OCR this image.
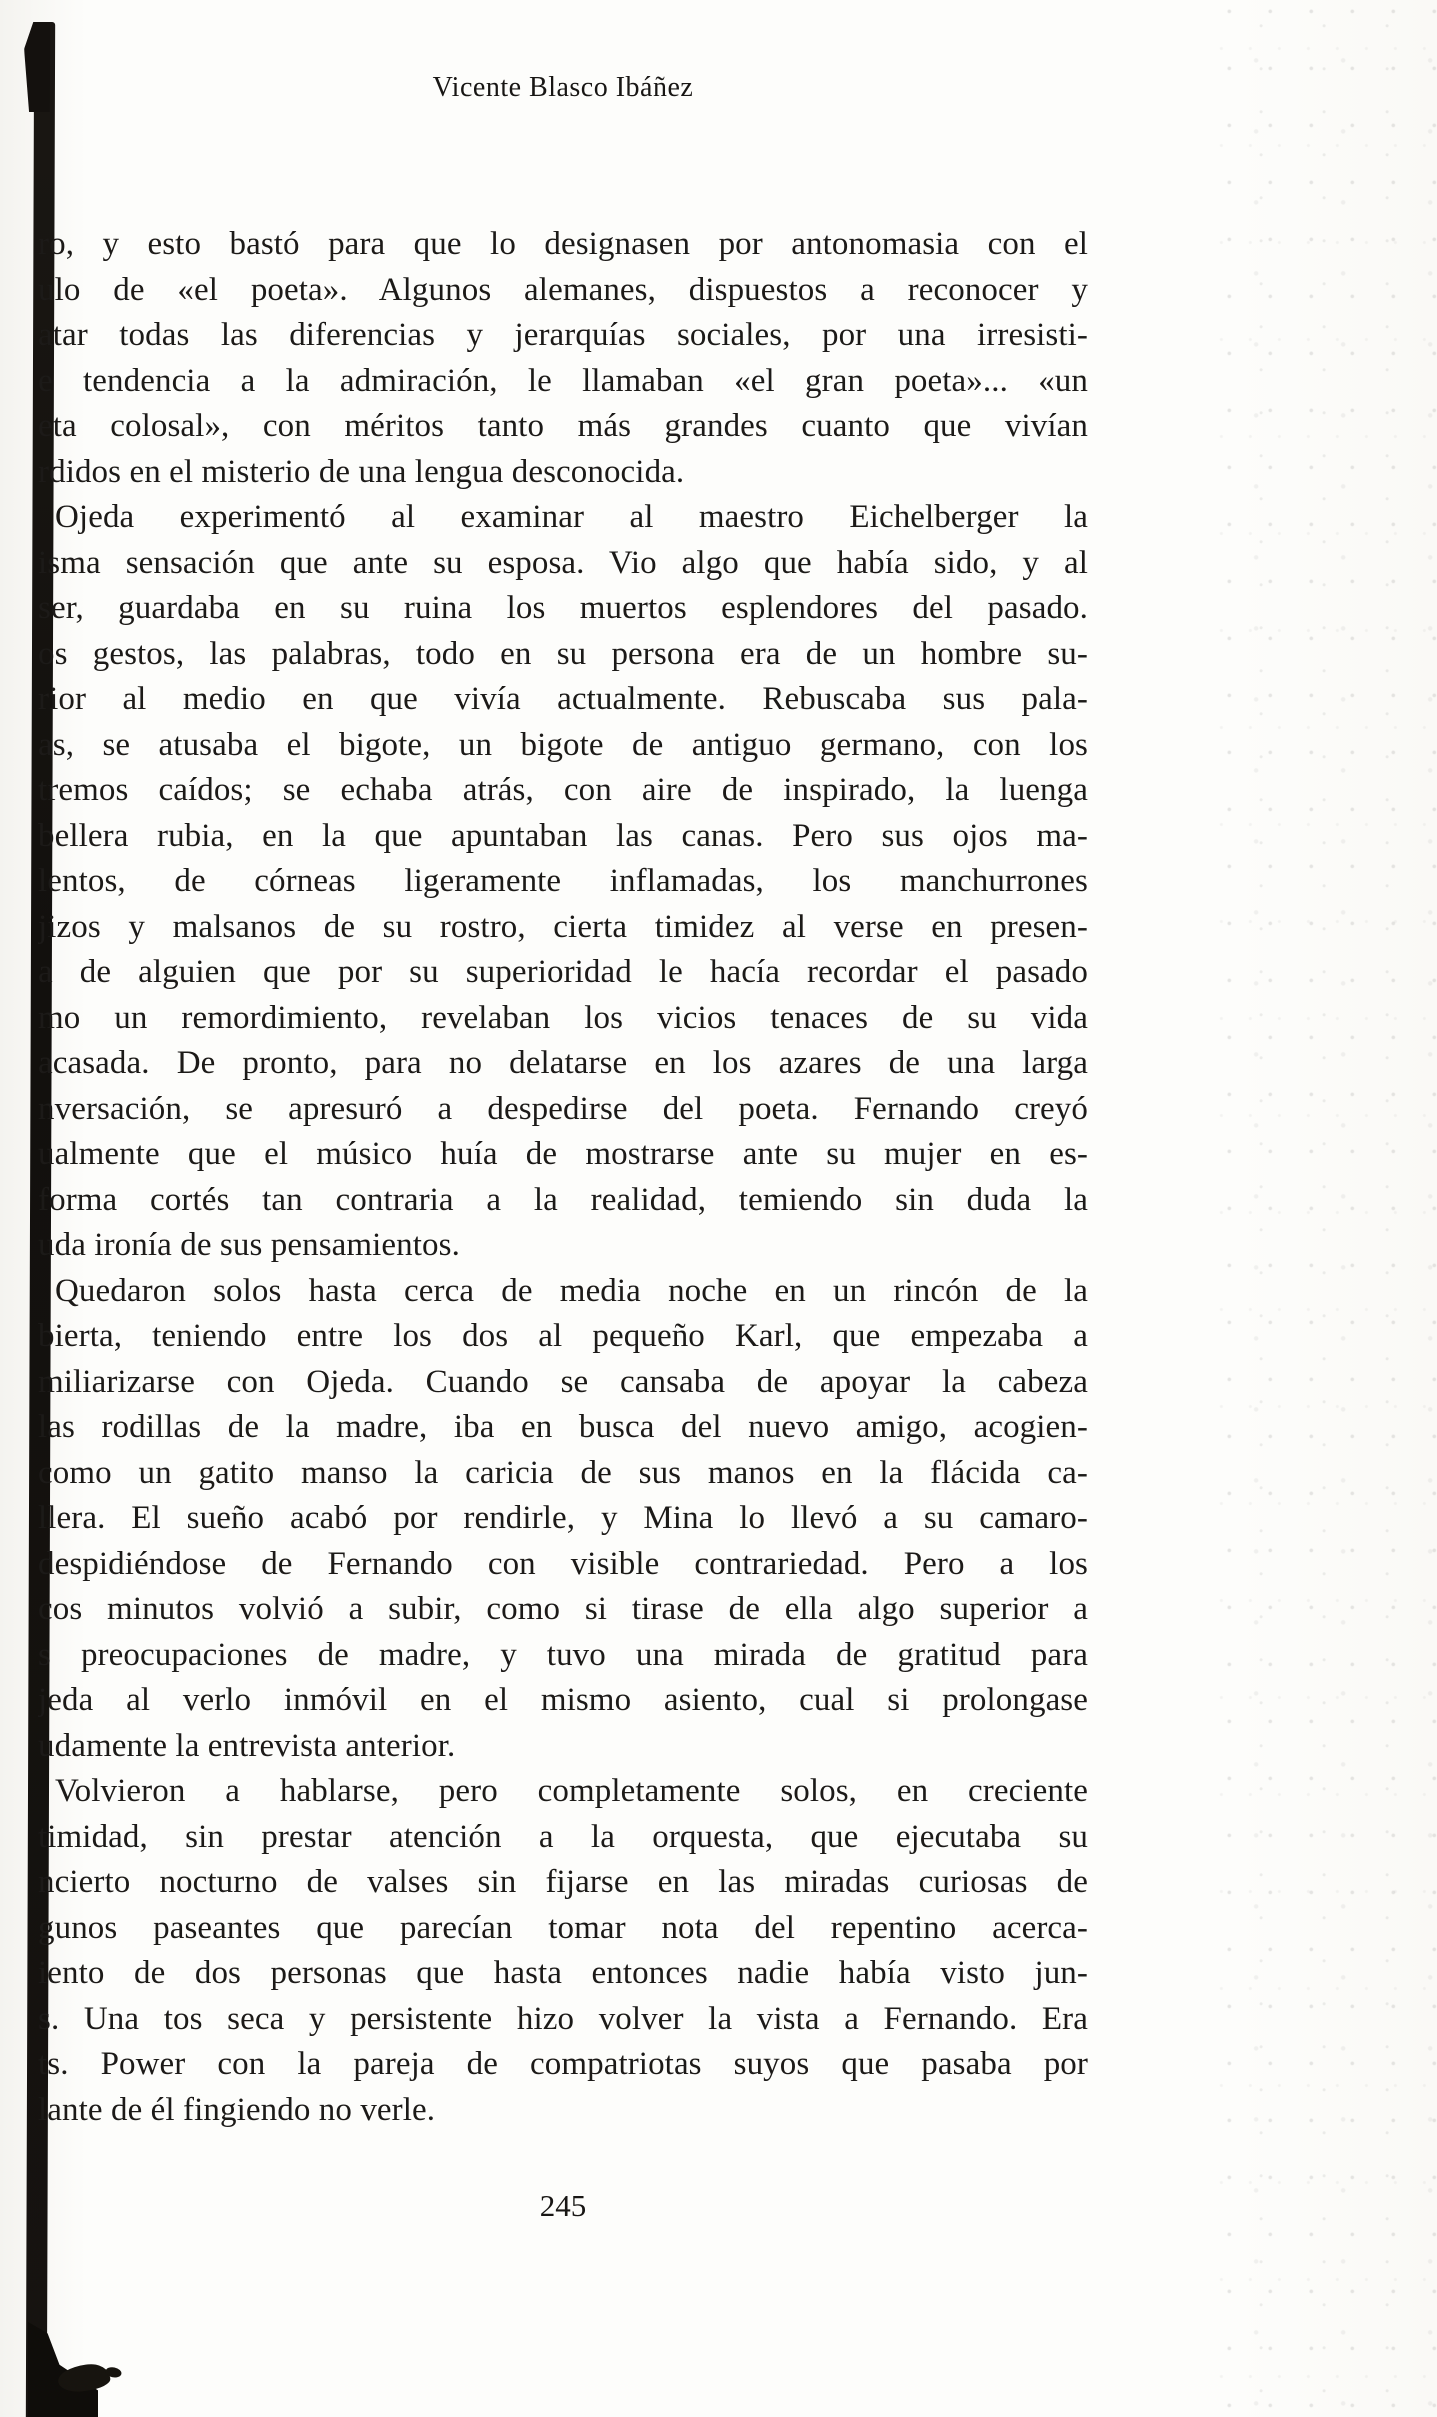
Vicente Blasco Ibáñez
ro, y esto bastó para que lo designasen por antonomasia con el
ulo de «el poeta». Algunos alemanes, dispuestos a reconocer y
atar todas las diferencias y jerarquías sociales, por una irresisti-
e tendencia a la admiración, le llamaban «el gran poeta»... «un
eta colosal», con méritos tanto más grandes cuanto que vivían
rdidos en el misterio de una lengua desconocida.
Ojeda experimentó al examinar al maestro Eichelberger la
isma sensación que ante su esposa. Vio algo que había sido, y al
ser, guardaba en su ruina los muertos esplendores del pasado.
os gestos, las palabras, todo en su persona era de un hombre su-
rior al medio en que vivía actualmente. Rebuscaba sus pala-
as, se atusaba el bigote, un bigote de antiguo germano, con los
tremos caídos; se echaba atrás, con aire de inspirado, la luenga
bellera rubia, en la que apuntaban las canas. Pero sus ojos ma-
lentos, de córneas ligeramente inflamadas, los manchurrones
jizos y malsanos de su rostro, cierta timidez al verse en presen-
a de alguien que por su superioridad le hacía recordar el pasado
mo un remordimiento, revelaban los vicios tenaces de su vida
acasada. De pronto, para no delatarse en los azares de una larga
nversación, se apresuró a despedirse del poeta. Fernando creyó
ualmente que el músico huía de mostrarse ante su mujer en es-
forma cortés tan contraria a la realidad, temiendo sin duda la
uda ironía de sus pensamientos.
Quedaron solos hasta cerca de media noche en un rincón de la
bierta, teniendo entre los dos al pequeño Karl, que empezaba a
miliarizarse con Ojeda. Cuando se cansaba de apoyar la cabeza
las rodillas de la madre, iba en busca del nuevo amigo, acogien-
como un gatito manso la caricia de sus manos en la flácida ca-
llera. El sueño acabó por rendirle, y Mina lo llevó a su camaro-
despidiéndose de Fernando con visible contrariedad. Pero a los
cos minutos volvió a subir, como si tirase de ella algo superior a
s preocupaciones de madre, y tuvo una mirada de gratitud para
jeda al verlo inmóvil en el mismo asiento, cual si prolongase
udamente la entrevista anterior.
Volvieron a hablarse, pero completamente solos, en creciente
timidad, sin prestar atención a la orquesta, que ejecutaba su
ncierto nocturno de valses sin fijarse en las miradas curiosas de
gunos paseantes que parecían tomar nota del repentino acerca-
iento de dos personas que hasta entonces nadie había visto jun-
s. Una tos seca y persistente hizo volver la vista a Fernando. Era
ts. Power con la pareja de compatriotas suyos que pasaba por
lante de él fingiendo no verle.
245
